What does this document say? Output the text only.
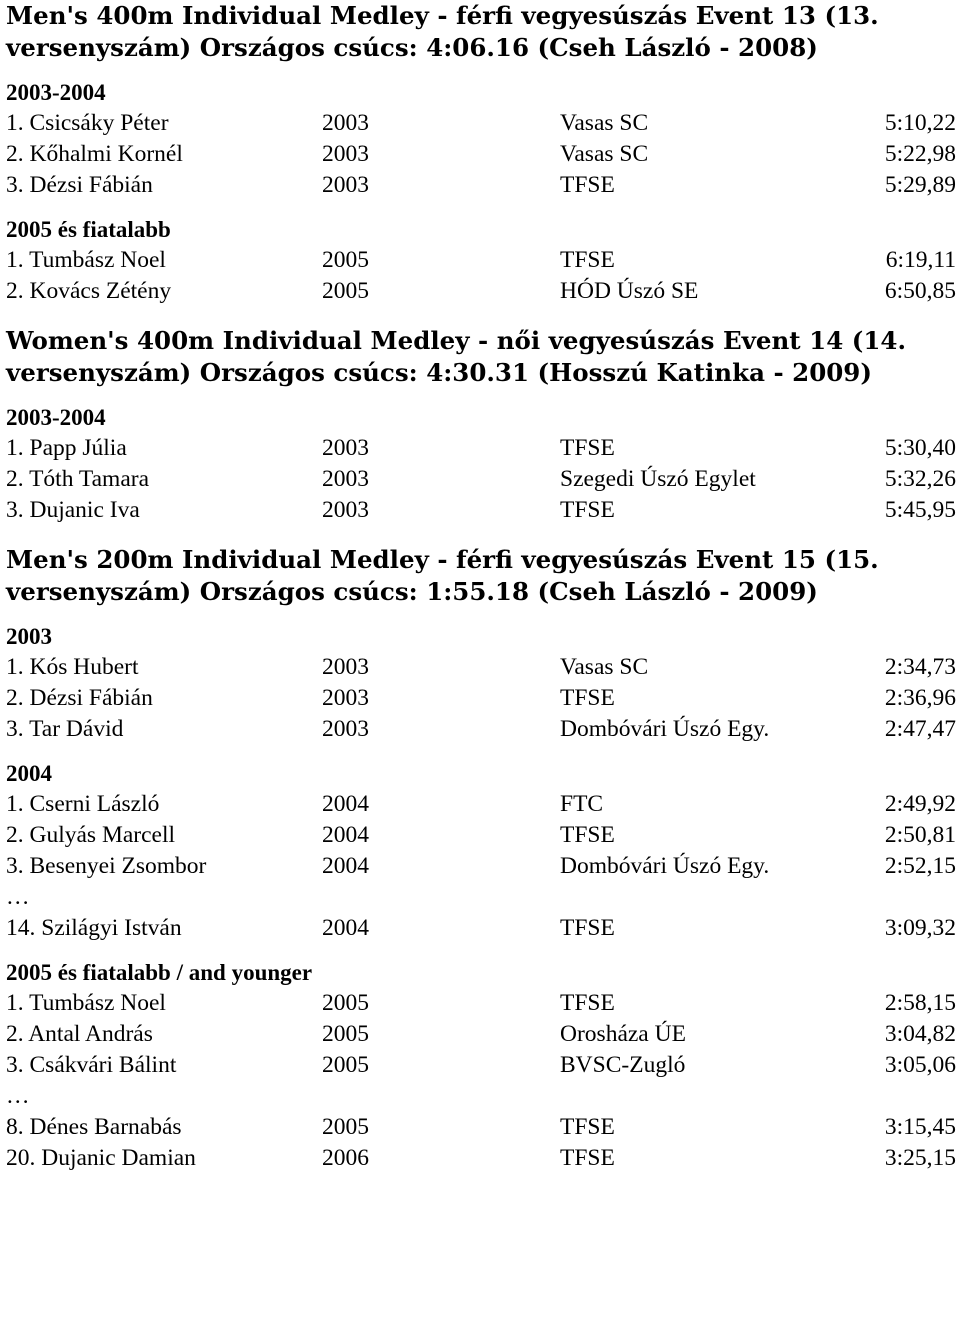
Men's 400m Individual Medley - férfi vegyesúszás Event 13 (13.
versenyszám) Országos csúcs: 4:06.16 (Cseh László - 2008)
2003-2004
1. Csicsáky Péter	2003	Vasas SC	5:10,22
2. Kőhalmi Kornél	2003	Vasas SC	5:22,98
3. Dézsi Fábián	2003	TFSE	5:29,89
2005 és fiatalabb
1. Tumbász Noel	2005	TFSE	6:19,11
2. Kovács Zétény	2005	HÓD Úszó SE	6:50,85
Women's 400m Individual Medley - női vegyesúszás Event 14 (14.
versenyszám) Országos csúcs: 4:30.31 (Hosszú Katinka - 2009)
2003-2004
1. Papp Júlia	2003	TFSE	5:30,40
2. Tóth Tamara	2003	Szegedi Úszó Egylet	5:32,26
3. Dujanic Iva	2003	TFSE	5:45,95
Men's 200m Individual Medley - férfi vegyesúszás Event 15 (15.
versenyszám) Országos csúcs: 1:55.18 (Cseh László - 2009)
2003
1. Kós Hubert	2003	Vasas SC	2:34,73
2. Dézsi Fábián	2003	TFSE	2:36,96
3. Tar Dávid	2003	Dombóvári Úszó Egy.	2:47,47
2004
1. Cserni László	2004	FTC	2:49,92
2. Gulyás Marcell	2004	TFSE	2:50,81
3. Besenyei Zsombor	2004	Dombóvári Úszó Egy.	2:52,15
…
14. Szilágyi István	2004	TFSE	3:09,32
2005 és fiatalabb / and younger
1. Tumbász Noel	2005	TFSE	2:58,15
2. Antal András	2005	Orosháza ÚE	3:04,82
3. Csákvári Bálint	2005	BVSC-Zugló	3:05,06
…
8. Dénes Barnabás	2005	TFSE	3:15,45
20. Dujanic Damian	2006	TFSE	3:25,15
